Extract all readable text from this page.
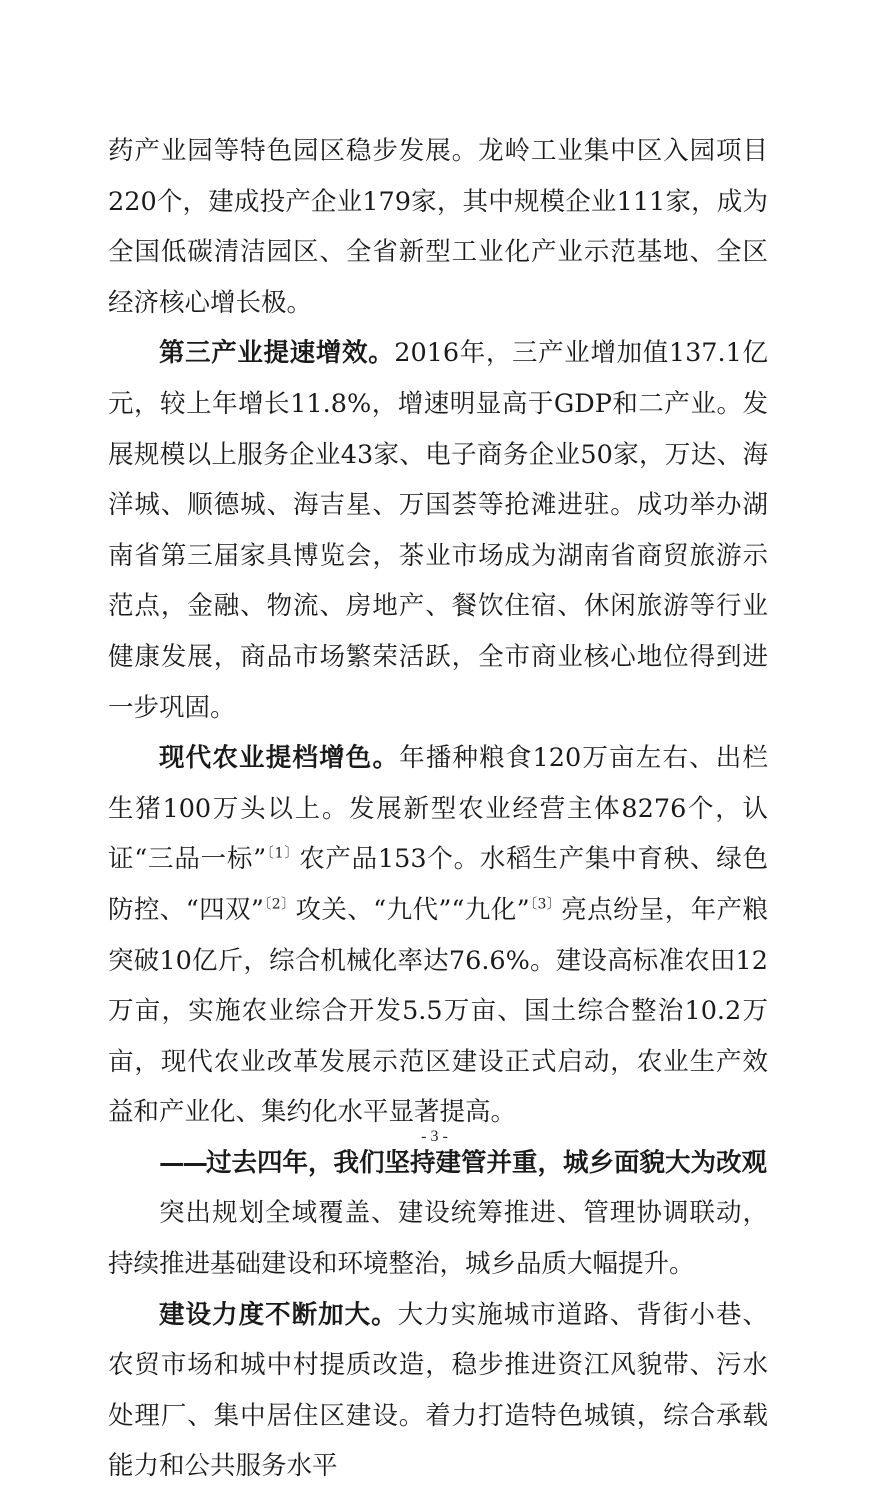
药产业园等特色园区稳步发展。龙岭工业集中区入园项目220个，建成投产企业179家，其中规模企业111家，成为全国低碳清洁园区、全省新型工业化产业示范基地、全区经济核心增长极。

第三产业提速增效。2016年，三产业增加值137.1亿元，较上年增长11.8%，增速明显高于GDP和二产业。发展规模以上服务企业43家、电子商务企业50家，万达、海洋城、顺德城、海吉星、万国荟等抢滩进驻。成功举办湖南省第三届家具博览会，茶业市场成为湖南省商贸旅游示范点，金融、物流、房地产、餐饮住宿、休闲旅游等行业健康发展，商品市场繁荣活跃，全市商业核心地位得到进一步巩固。

现代农业提档增色。年播种粮食120万亩左右、出栏生猪100万头以上。发展新型农业经营主体8276个，认证“三品一标”$^{〔1〕}$农产品153个。水稻生产集中育秧、绿色防控、“四双”$^{〔2〕}$攻关、“九代”“九化”$^{〔3〕}$亮点纷呈，年产粮突破10亿斤，综合机械化率达76.6%。建设高标准农田12万亩，实施农业综合开发5.5万亩、国土综合整治10.2万亩，现代农业改革发展示范区建设正式启动，农业生产效益和产业化、集约化水平显著提高。

——过去四年，我们坚持建管并重，城乡面貌大为改观

突出规划全域覆盖、建设统筹推进、管理协调联动，持续推进基础建设和环境整治，城乡品质大幅提升。

建设力度不断加大。大力实施城市道路、背街小巷、农贸市场和城中村提质改造，稳步推进资江风貌带、污水处理厂、集中居住区建设。着力打造特色城镇，综合承载能力和公共服务水平

- 3 -
